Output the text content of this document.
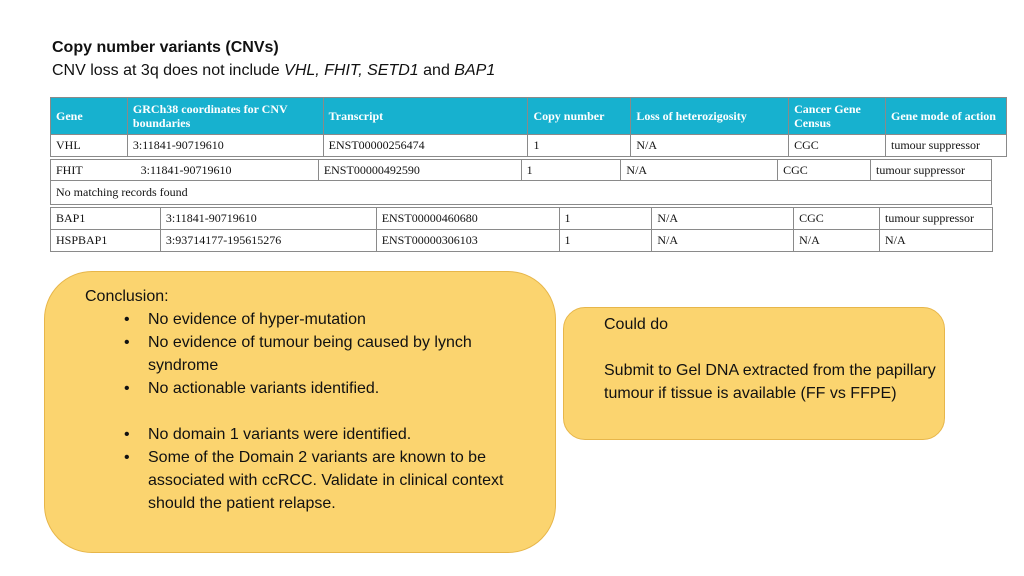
Copy number variants (CNVs)
CNV loss at 3q does not include VHL, FHIT, SETD1 and BAP1
Gene	GRCh38 coordinates for CNV boundaries	Transcript	Copy number	Loss of heterozigosity	Cancer Gene Census	Gene mode of action
VHL	3:11841-90719610	ENST00000256474	1	N/A	CGC	tumour suppressor
FHIT	3:11841-90719610	ENST00000492590	1	N/A	CGC	tumour suppressor
No matching records found
BAP1	3:11841-90719610	ENST00000460680	1	N/A	CGC	tumour suppressor
HSPBAP1	3:93714177-195615276	ENST00000306103	1	N/A	N/A	N/A
Conclusion:
• No evidence of hyper-mutation
• No evidence of tumour being caused by lynch syndrome
• No actionable variants identified.
• No domain 1 variants were identified.
• Some of the Domain 2 variants are known to be associated with ccRCC. Validate in clinical context should the patient relapse.
Could do
Submit to Gel DNA extracted from the papillary tumour if tissue is available (FF vs FFPE)
